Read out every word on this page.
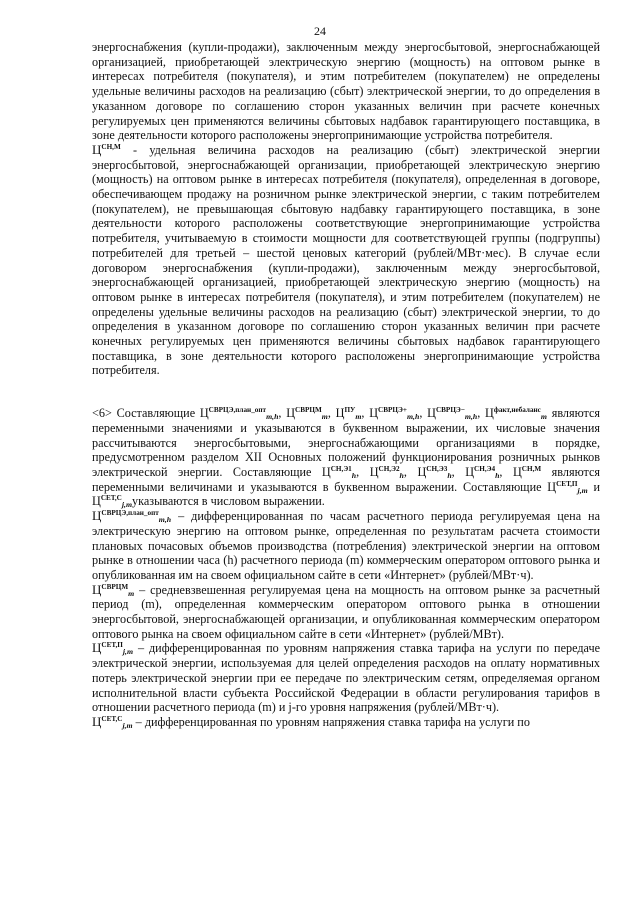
24

энергоснабжения (купли-продажи), заключенным между энергосбытовой, энергоснабжающей организацией, приобретающей электрическую энергию (мощность) на оптовом рынке в интересах потребителя (покупателя), и этим потребителем (покупателем) не определены удельные величины расходов на реализацию (сбыт) электрической энергии, то до определения в указанном договоре по соглашению сторон указанных величин при расчете конечных регулируемых цен применяются величины сбытовых надбавок гарантирующего поставщика, в зоне деятельности которого расположены энергопринимающие устройства потребителя.

$Ц^{СН,М}$ - удельная величина расходов на реализацию (сбыт) электрической энергии энергосбытовой, энергоснабжающей организации, приобретающей электрическую энергию (мощность) на оптовом рынке в интересах потребителя (покупателя), определенная в договоре, обеспечивающем продажу на розничном рынке электрической энергии, с таким потребителем (покупателем), не превышающая сбытовую надбавку гарантирующего поставщика, в зоне деятельности которого расположены соответствующие энергопринимающие устройства потребителя, учитываемую в стоимости мощности для соответствующей группы (подгруппы) потребителей для третьей – шестой ценовых категорий (рублей/МВт·мес). В случае если договором энергоснабжения (купли-продажи), заключенным между энергосбытовой, энергоснабжающей организацией, приобретающей электрическую энергию (мощность) на оптовом рынке в интересах потребителя (покупателя), и этим потребителем (покупателем) не определены удельные величины расходов на реализацию (сбыт) электрической энергии, то до определения в указанном договоре по соглашению сторон указанных величин при расчете конечных регулируемых цен применяются величины сбытовых надбавок гарантирующего поставщика, в зоне деятельности которого расположены энергопринимающие устройства потребителя.

<6> Составляющие $Ц^{СВРЦЭ,план\_опт}_{m,h}$, $Ц^{СВРЦМ}_m$, $Ц^{ПУ}_m$, $Ц^{СВРЦЭ+}_{m,h}$, $Ц^{СВРЦЭ-}_{m,h}$, $Ц^{факт,небаланс}_m$ являются переменными значениями и указываются в буквенном выражении, их числовые значения рассчитываются энергосбытовыми, энергоснабжающими организациями в порядке, предусмотренном разделом XII Основных положений функционирования розничных рынков электрической энергии. Составляющие $Ц^{СН,Э1}_h$, $Ц^{СН,Э2}_h$, $Ц^{СН,Э3}_h$, $Ц^{СН,Э4}_h$, $Ц^{СН,М}$ являются переменными величинами и указываются в буквенном выражении. Составляющие $Ц^{СЕТ,П}_{j,m}$ и $Ц^{СЕТ,С}_{j,m}указываются$ в числовом выражении.

$Ц^{СВРЦЭ,план\_опт}_{m,h}$ – дифференцированная по часам расчетного периода регулируемая цена на электрическую энергию на оптовом рынке, определенная по результатам расчета стоимости плановых почасовых объемов производства (потребления) электрической энергии на оптовом рынке в отношении часа (h) расчетного периода (m) коммерческим оператором оптового рынка и опубликованная им на своем официальном сайте в сети «Интернет» (рублей/МВт·ч).

$Ц^{СВРЦМ}_m$ – средневзвешенная регулируемая цена на мощность на оптовом рынке за расчетный период (m), определенная коммерческим оператором оптового рынка в отношении энергосбытовой, энергоснабжающей организации, и опубликованная коммерческим оператором оптового рынка на своем официальном сайте в сети «Интернет» (рублей/МВт).

$Ц^{СЕТ,П}_{j,m}$ – дифференцированная по уровням напряжения ставка тарифа на услуги по передаче электрической энергии, используемая для целей определения расходов на оплату нормативных потерь электрической энергии при ее передаче по электрическим сетям, определяемая органом исполнительной власти субъекта Российской Федерации в области регулирования тарифов в отношении расчетного периода (m) и j-го уровня напряжения (рублей/МВт·ч).

$Ц^{СЕТ,С}_{j,m}$ – дифференцированная по уровням напряжения ставка тарифа на услуги по
